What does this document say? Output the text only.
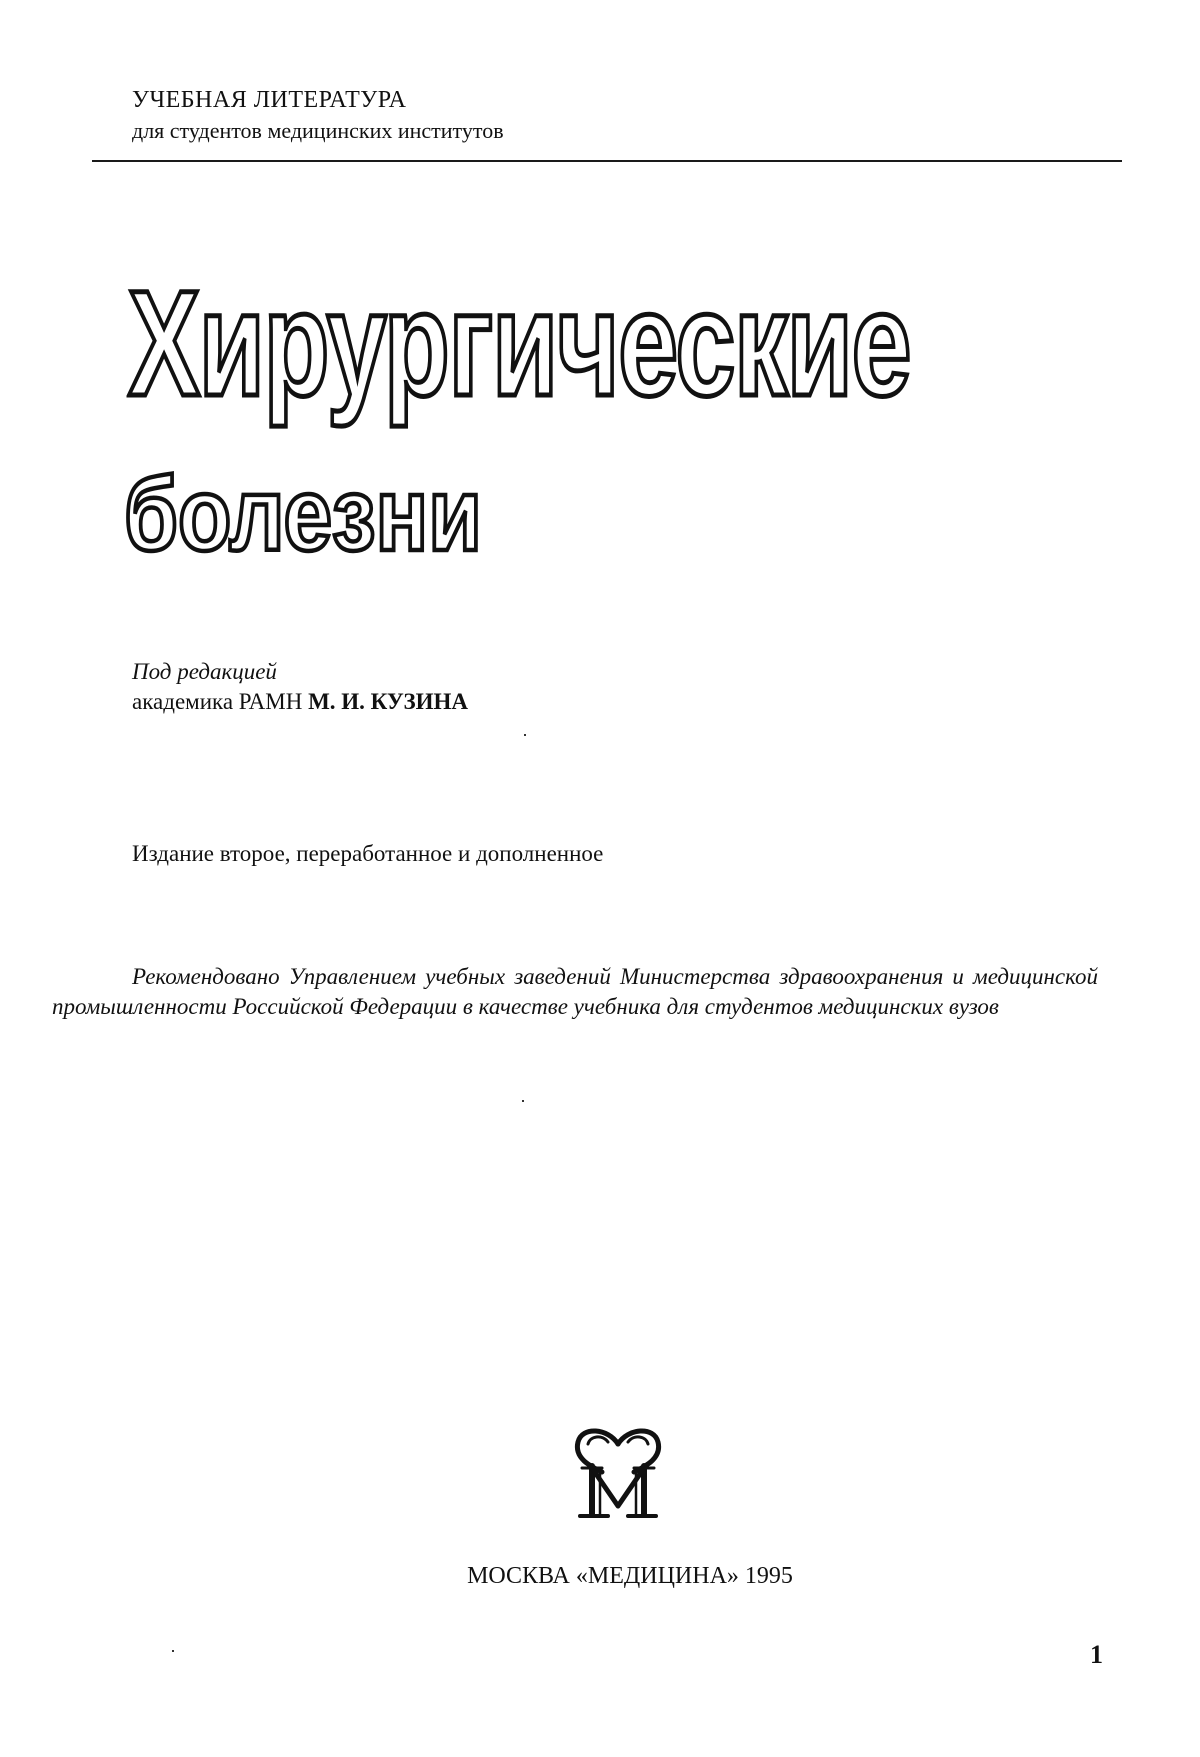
УЧЕБНАЯ ЛИТЕРАТУРА
для студентов медицинских институтов
Хирургические
болезни
Под редакцией
академика РАМН М. И. КУЗИНА
Издание второе, переработанное и дополненное
Рекомендовано Управлением учебных заведений Министерства здравоохранения и медицинской промышленности Российской Федерации в качестве учебника для студентов медицинских вузов
МОСКВА «МЕДИЦИНА» 1995
1
